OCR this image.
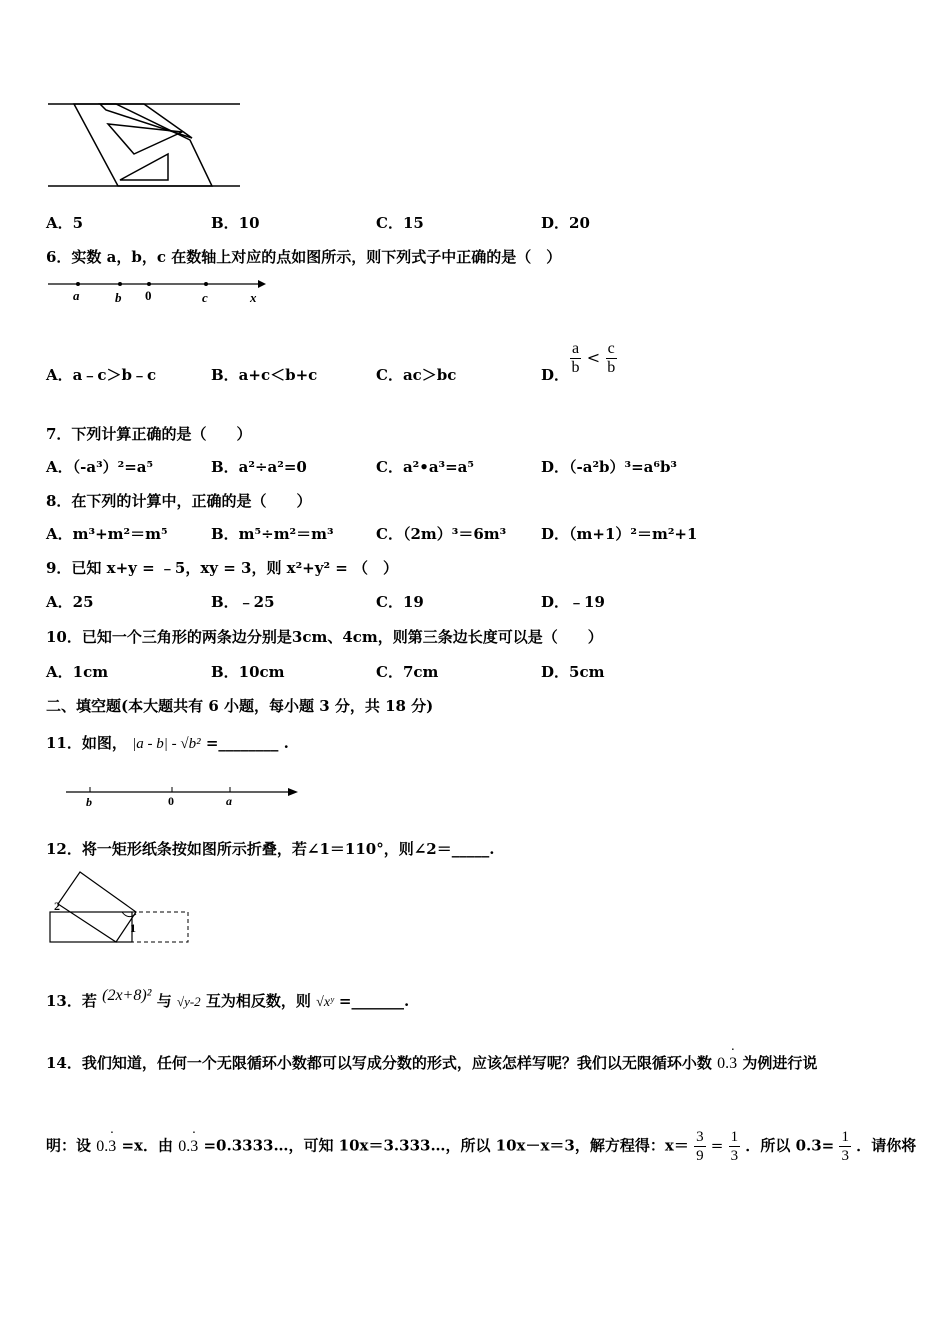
A．5	B．10	C．15	D．20
6．实数 a，b，c 在数轴上对应的点如图所示，则下列式子中正确的是（　）
a	b 0	c	x
A．a﹣c＞b﹣c	B．a+c＜b+c	C．ac＞bc	D． $\frac{a}{b} < \frac{c}{b}$
7．下列计算正确的是（　　）
A．（-a³）²=a⁵	B．a²÷a²=0	C．a²•a³=a⁵	D．（-a²b）³=a⁶b³
8．在下列的计算中，正确的是（　　）
A．m³+m²＝m⁵	B．m⁵÷m²＝m³	C．（2m）³＝6m³ D．（m+1）²＝m²+1
9．已知 x+y = ﹣5，xy = 3，则 x²+y² = （　）
A．25	B．﹣25	C．19	D．﹣19
10．已知一个三角形的两条边分别是3cm、4cm，则第三条边长度可以是（　　）
A．1cm	B．10cm	C．7cm	D．5cm
二、填空题(本大题共有 6 小题，每小题 3 分，共 18 分)
11．如图， |a - b| - √b² =________ .
b	0	a
12．将一矩形纸条按如图所示折叠，若∠1＝110°，则∠2＝_____.
2
1
13．若 (2x+8)² 与 √y-2 互为相反数，则 √xʸ =_______.
14．我们知道，任何一个无限循环小数都可以写成分数的形式，应该怎样写呢？我们以无限循环小数 0.3
·
为例进行说
明：设 0.3
·
=x．由 0.3
·
=0.3333…，可知 10x＝3.333…，所以 10x－x＝3，解方程得：$x= \frac{3}{9} = \frac{1}{3}$ ．所以 $0.3= \frac{1}{3}$ ．请你将
